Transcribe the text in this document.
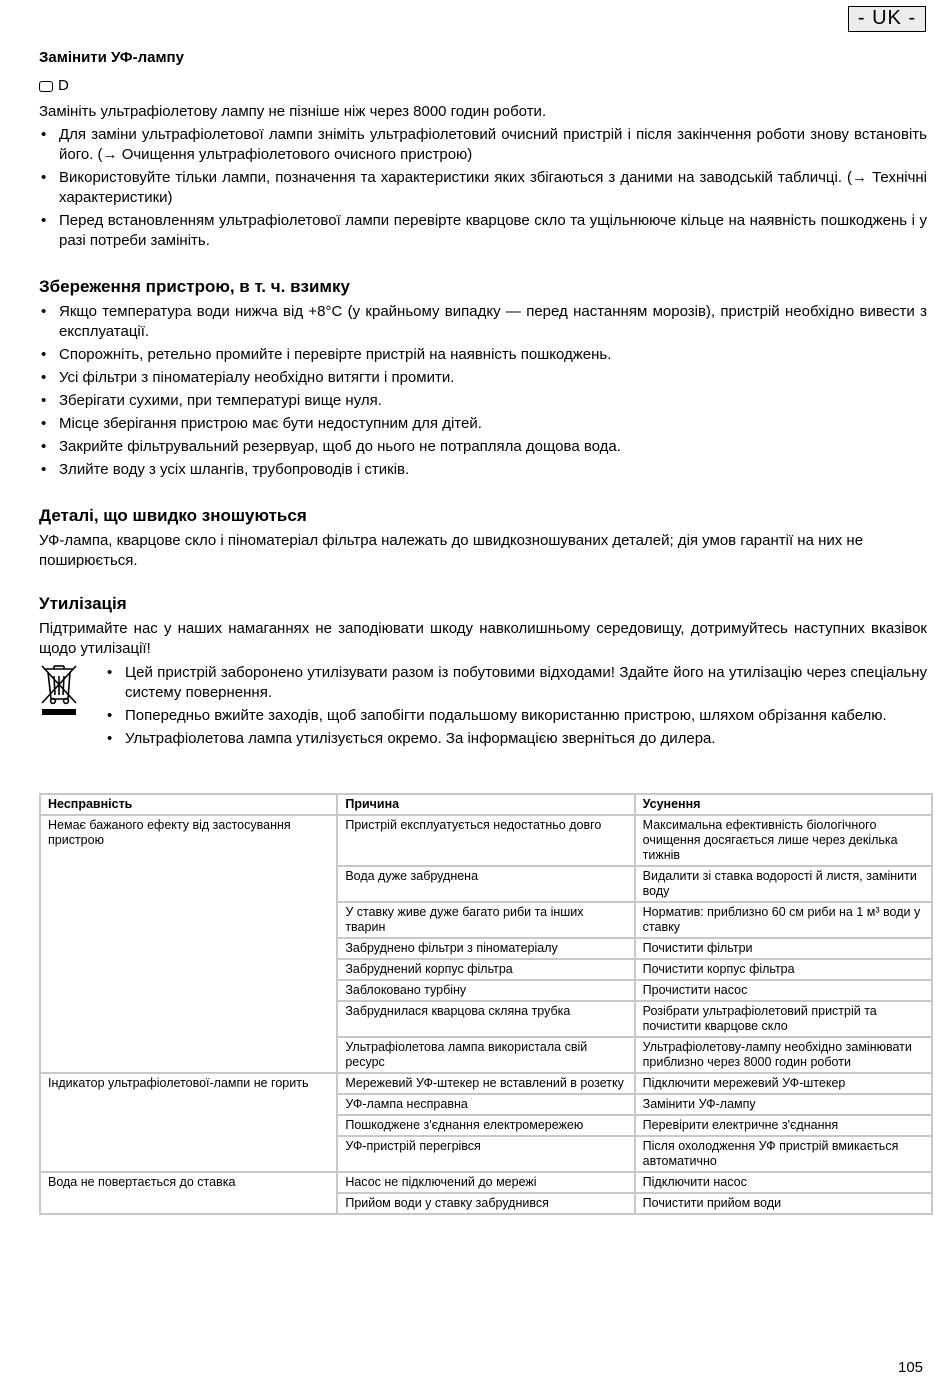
- UK -
Замінити УФ-лампу
D

Замініть ультрафіолетову лампу не пізніше ніж через 8000 годин роботи.

• Для заміни ультрафіолетової лампи зніміть ультрафіолетовий очисний пристрій і після закінчення роботи знову встановіть його. (→ Очищення ультрафіолетового очисного пристрою)
• Використовуйте тільки лампи, позначення та характеристики яких збігаються з даними на заводській табличці. (→ Технічні характеристики)
• Перед встановленням ультрафіолетової лампи перевірте кварцове скло та ущільнююче кільце на наявність пошкоджень і у разі потреби замініть.
Збереження пристрою, в т. ч. взимку
• Якщо температура води нижча від +8°C (у крайньому випадку — перед настанням морозів), пристрій необхідно вивести з експлуатації.
• Спорожніть, ретельно промийте і перевірте пристрій на наявність пошкоджень.
• Усі фільтри з піноматеріалу необхідно витягти і промити.
• Зберігати сухими, при температурі вище нуля.
• Місце зберігання пристрою має бути недоступним для дітей.
• Закрийте фільтрувальний резервуар, щоб до нього не потрапляла дощова вода.
• Злийте воду з усіх шлангів, трубопроводів і стиків.
Деталі, що швидко зношуються

УФ-лампа, кварцове скло і піноматеріал фільтра належать до швидкозношуваних деталей; дія умов гарантії на них не поширюється.

Утилізація

Підтримайте нас у наших намаганнях не заподіювати шкоду навколишньому середовищу, дотримуйтесь наступних вказівок щодо утилізації!

• Цей пристрій заборонено утилізувати разом із побутовими відходами! Здайте його на утилізацію через спеціальну систему повернення.
• Попередньо вжийте заходів, щоб запобігти подальшому використанню пристрою, шляхом обрізання кабелю.
• Ультрафіолетова лампа утилізується окремо. За інформацією зверніться до дилера.
Несправність	Причина	Усунення
Немає бажаного ефекту від застосування пристрою	Пристрій експлуатується недостатньо довго	Максимальна ефективність біологічного очищення досягається лише через декілька тижнів
	Вода дуже забруднена	Видалити зі ставка водорості й листя, замінити воду
	У ставку живе дуже багато риби та інших тварин	Норматив: приблизно 60 см риби на 1 м³ води у ставку
	Забруднено фільтри з піноматеріалу	Почистити фільтри
	Забруднений корпус фільтра	Почистити корпус фільтра
	Заблоковано турбіну	Прочистити насос
	Забруднилася кварцова скляна трубка	Розібрати ультрафіолетовий пристрій та почистити кварцове скло
	Ультрафіолетова лампа використала свій ресурс	Ультрафіолетову-лампу необхідно замінювати приблизно через 8000 годин роботи
Індикатор ультрафіолетової-лампи не горить	Мережевий УФ-штекер не вставлений в розетку	Підключити мережевий УФ-штекер
	УФ-лампа несправна	Замінити УФ-лампу
	Пошкоджене з'єднання електромережею	Перевірити електричне з'єднання
	УФ-пристрій перегрівся	Після охолодження УФ пристрій вмикається автоматично
Вода не повертається до ставка	Насос не підключений до мережі	Підключити насос
	Прийом води у ставку забруднився	Почистити прийом води
105
